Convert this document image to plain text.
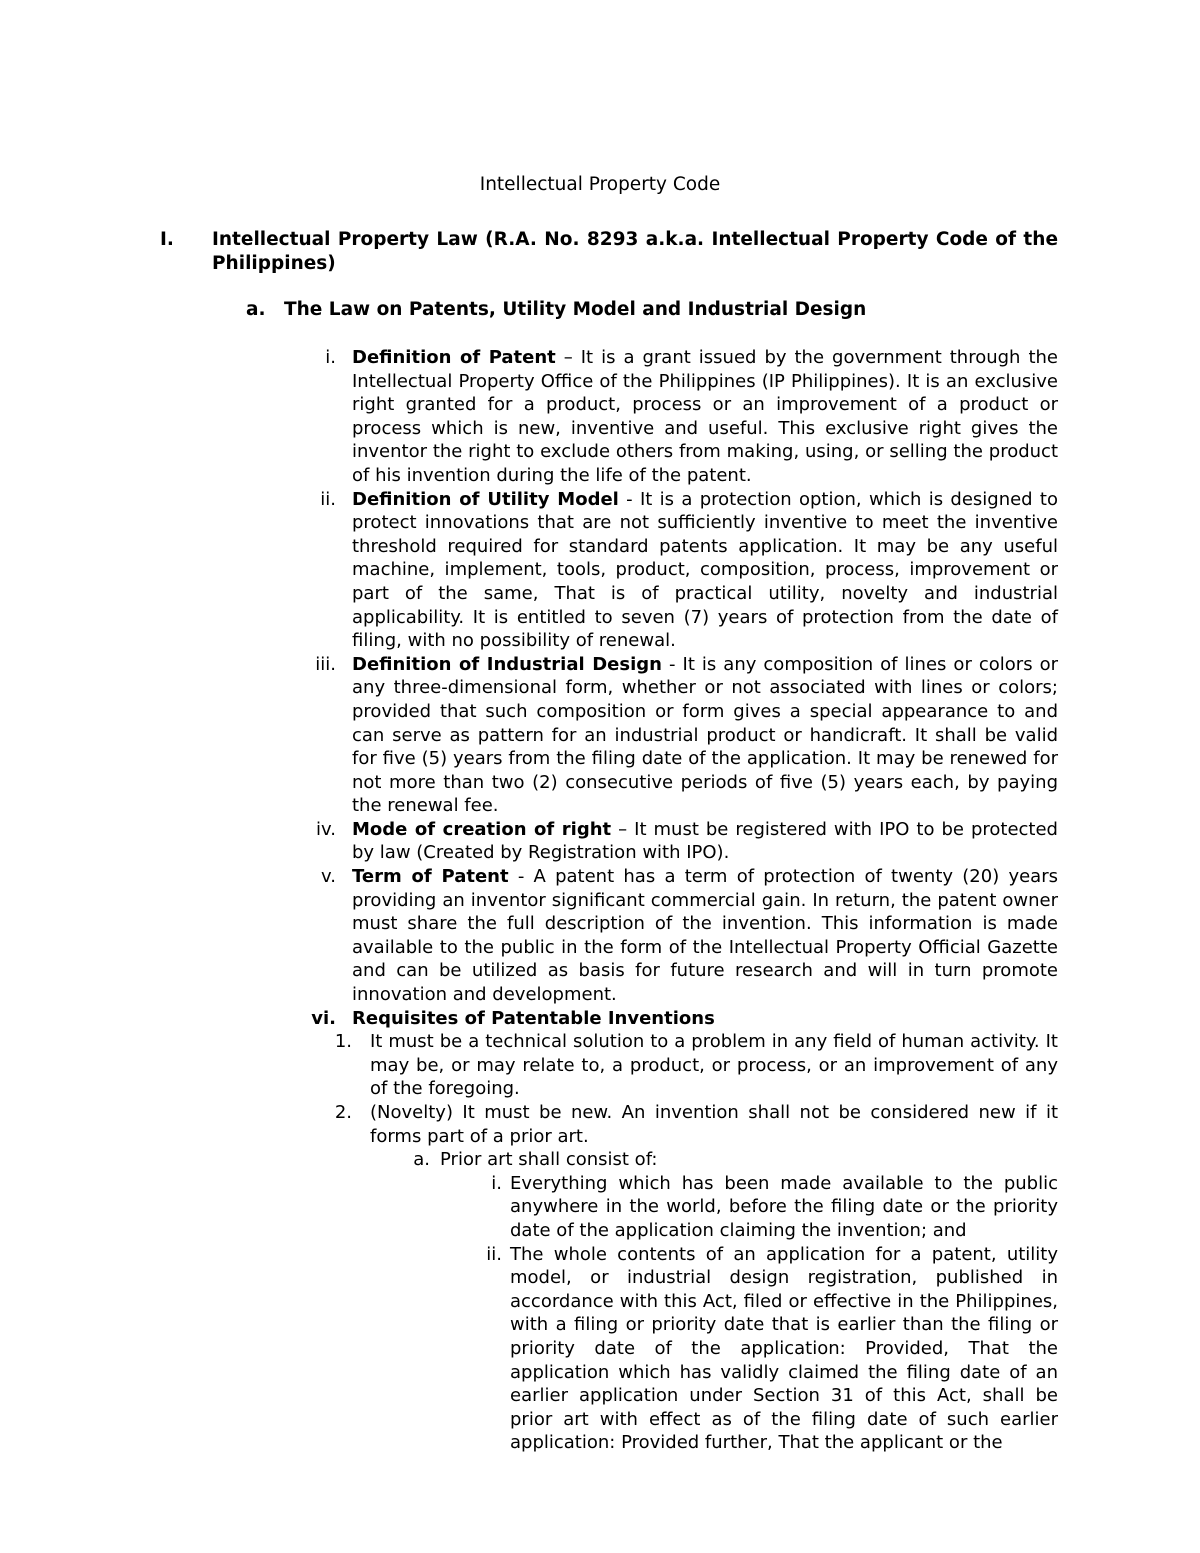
Intellectual Property Code
I. Intellectual Property Law (R.A. No. 8293 a.k.a. Intellectual Property Code of the Philippines)
a. The Law on Patents, Utility Model and Industrial Design
i. Definition of Patent – It is a grant issued by the government through the Intellectual Property Office of the Philippines (IP Philippines). It is an exclusive right granted for a product, process or an improvement of a product or process which is new, inventive and useful. This exclusive right gives the inventor the right to exclude others from making, using, or selling the product of his invention during the life of the patent.
ii. Definition of Utility Model - It is a protection option, which is designed to protect innovations that are not sufficiently inventive to meet the inventive threshold required for standard patents application. It may be any useful machine, implement, tools, product, composition, process, improvement or part of the same, That is of practical utility, novelty and industrial applicability. It is entitled to seven (7) years of protection from the date of filing, with no possibility of renewal.
iii. Definition of Industrial Design - It is any composition of lines or colors or any three-dimensional form, whether or not associated with lines or colors; provided that such composition or form gives a special appearance to and can serve as pattern for an industrial product or handicraft. It shall be valid for five (5) years from the filing date of the application. It may be renewed for not more than two (2) consecutive periods of five (5) years each, by paying the renewal fee.
iv. Mode of creation of right – It must be registered with IPO to be protected by law (Created by Registration with IPO).
v. Term of Patent - A patent has a term of protection of twenty (20) years providing an inventor significant commercial gain. In return, the patent owner must share the full description of the invention. This information is made available to the public in the form of the Intellectual Property Official Gazette and can be utilized as basis for future research and will in turn promote innovation and development.
vi. Requisites of Patentable Inventions
1. It must be a technical solution to a problem in any field of human activity. It may be, or may relate to, a product, or process, or an improvement of any of the foregoing.
2. (Novelty) It must be new. An invention shall not be considered new if it forms part of a prior art.
a. Prior art shall consist of:
i. Everything which has been made available to the public anywhere in the world, before the filing date or the priority date of the application claiming the invention; and
ii. The whole contents of an application for a patent, utility model, or industrial design registration, published in accordance with this Act, filed or effective in the Philippines, with a filing or priority date that is earlier than the filing or priority date of the application: Provided, That the application which has validly claimed the filing date of an earlier application under Section 31 of this Act, shall be prior art with effect as of the filing date of such earlier application: Provided further, That the applicant or the
